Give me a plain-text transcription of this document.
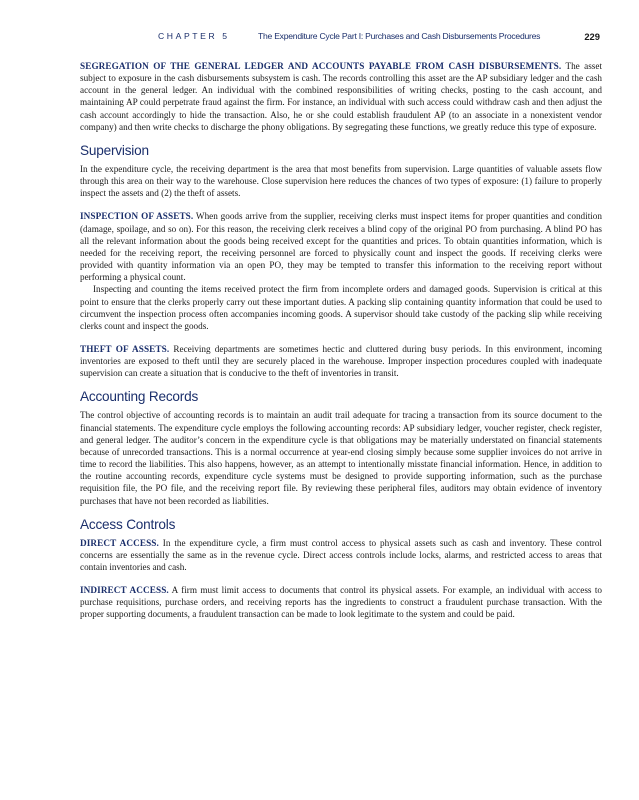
CHAPTER 5	The Expenditure Cycle Part I: Purchases and Cash Disbursements Procedures	229

SEGREGATION OF THE GENERAL LEDGER AND ACCOUNTS PAYABLE FROM CASH DISBURSEMENTS. The asset subject to exposure in the cash disbursements subsystem is cash. The records controlling this asset are the AP subsidiary ledger and the cash account in the general ledger. An individual with the combined responsibilities of writing checks, posting to the cash account, and maintaining AP could perpetrate fraud against the firm. For instance, an individual with such access could withdraw cash and then adjust the cash account accordingly to hide the transaction. Also, he or she could establish fraudulent AP (to an associate in a nonexistent vendor company) and then write checks to discharge the phony obligations. By segregating these functions, we greatly reduce this type of exposure.

Supervision

In the expenditure cycle, the receiving department is the area that most benefits from supervision. Large quantities of valuable assets flow through this area on their way to the warehouse. Close supervision here reduces the chances of two types of exposure: (1) failure to properly inspect the assets and (2) the theft of assets.

INSPECTION OF ASSETS. When goods arrive from the supplier, receiving clerks must inspect items for proper quantities and condition (damage, spoilage, and so on). For this reason, the receiving clerk receives a blind copy of the original PO from purchasing. A blind PO has all the relevant information about the goods being received except for the quantities and prices. To obtain quantities information, which is needed for the receiving report, the receiving personnel are forced to physically count and inspect the goods. If receiving clerks were provided with quantity information via an open PO, they may be tempted to transfer this information to the receiving report without performing a physical count.

Inspecting and counting the items received protect the firm from incomplete orders and damaged goods. Supervision is critical at this point to ensure that the clerks properly carry out these important duties. A packing slip containing quantity information that could be used to circumvent the inspection process often accompanies incoming goods. A supervisor should take custody of the packing slip while receiving clerks count and inspect the goods.

THEFT OF ASSETS. Receiving departments are sometimes hectic and cluttered during busy periods. In this environment, incoming inventories are exposed to theft until they are securely placed in the warehouse. Improper inspection procedures coupled with inadequate supervision can create a situation that is conducive to the theft of inventories in transit.

Accounting Records

The control objective of accounting records is to maintain an audit trail adequate for tracing a transaction from its source document to the financial statements. The expenditure cycle employs the following accounting records: AP subsidiary ledger, voucher register, check register, and general ledger. The auditor’s concern in the expenditure cycle is that obligations may be materially understated on financial statements because of unrecorded transactions. This is a normal occurrence at year-end closing simply because some supplier invoices do not arrive in time to record the liabilities. This also happens, however, as an attempt to intentionally misstate financial information. Hence, in addition to the routine accounting records, expenditure cycle systems must be designed to provide supporting information, such as the purchase requisition file, the PO file, and the receiving report file. By reviewing these peripheral files, auditors may obtain evidence of inventory purchases that have not been recorded as liabilities.

Access Controls

DIRECT ACCESS. In the expenditure cycle, a firm must control access to physical assets such as cash and inventory. These control concerns are essentially the same as in the revenue cycle. Direct access controls include locks, alarms, and restricted access to areas that contain inventories and cash.

INDIRECT ACCESS. A firm must limit access to documents that control its physical assets. For example, an individual with access to purchase requisitions, purchase orders, and receiving reports has the ingredients to construct a fraudulent purchase transaction. With the proper supporting documents, a fraudulent transaction can be made to look legitimate to the system and could be paid.
